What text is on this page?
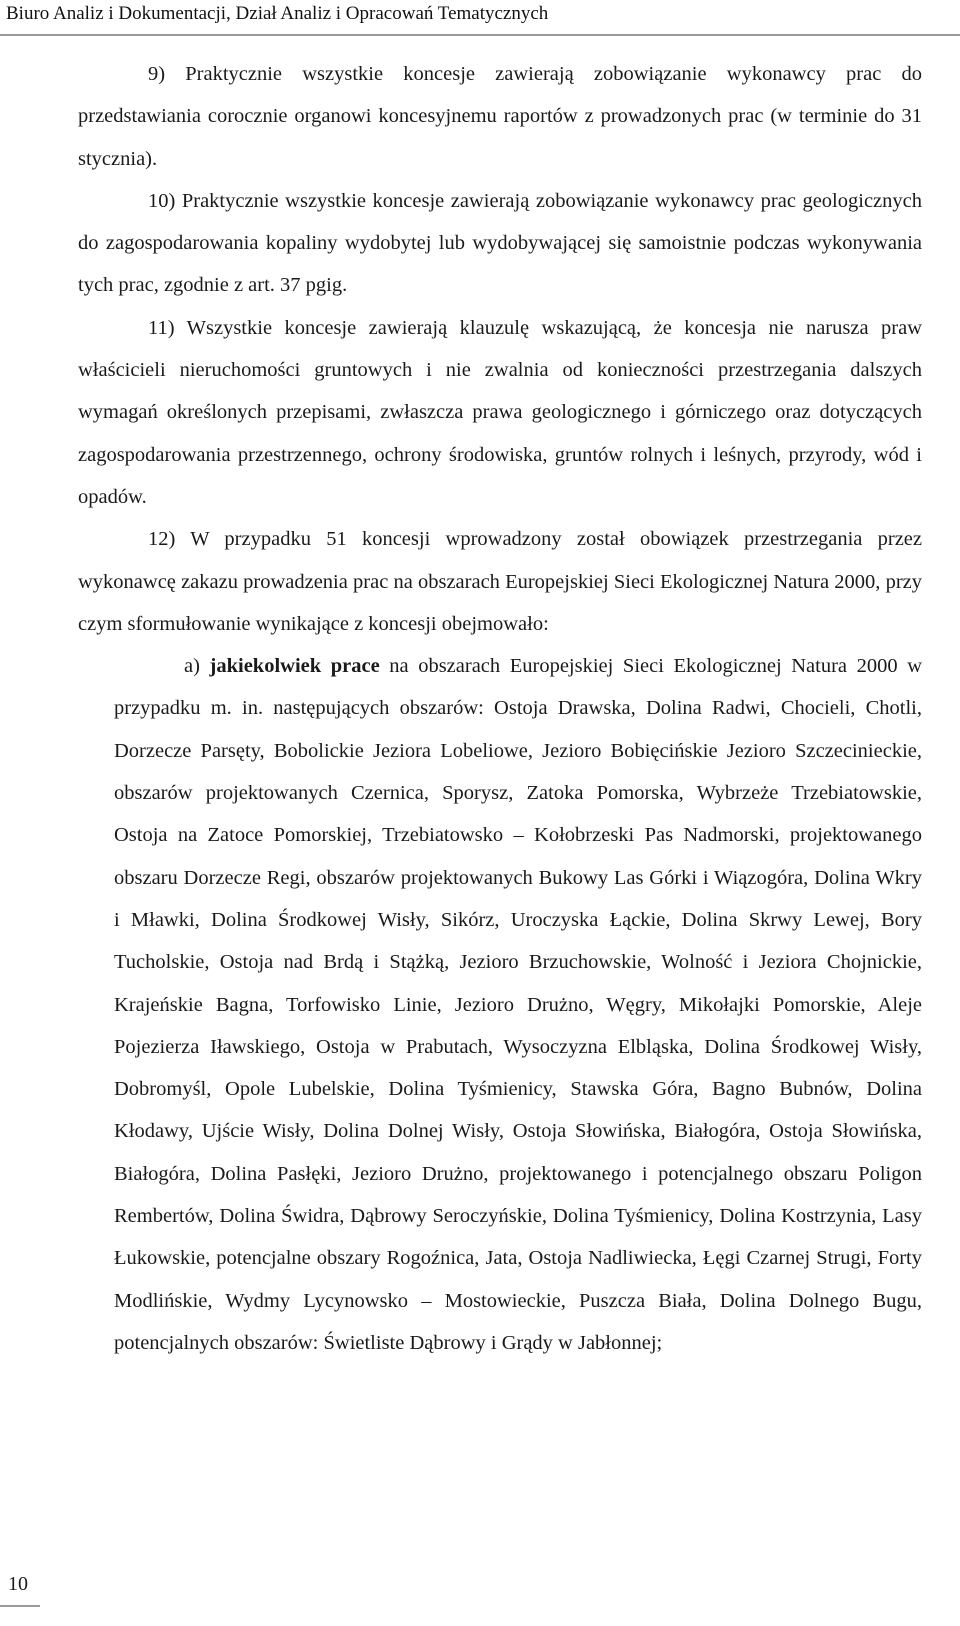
Biuro Analiz i Dokumentacji, Dział Analiz i Opracowań Tematycznych

9) Praktycznie wszystkie koncesje zawierają zobowiązanie wykonawcy prac do przedstawiania corocznie organowi koncesyjnemu raportów z prowadzonych prac (w terminie do 31 stycznia).

10) Praktycznie wszystkie koncesje zawierają zobowiązanie wykonawcy prac geologicznych do zagospodarowania kopaliny wydobytej lub wydobywającej się samoistnie podczas wykonywania tych prac, zgodnie z art. 37 pgig.

11) Wszystkie koncesje zawierają klauzulę wskazującą, że koncesja nie narusza praw właścicieli nieruchomości gruntowych i nie zwalnia od konieczności przestrzegania dalszych wymagań określonych przepisami, zwłaszcza prawa geologicznego i górniczego oraz dotyczących zagospodarowania przestrzennego, ochrony środowiska, gruntów rolnych i leśnych, przyrody, wód i opadów.

12) W przypadku 51 koncesji wprowadzony został obowiązek przestrzegania przez wykonawcę zakazu prowadzenia prac na obszarach Europejskiej Sieci Ekologicznej Natura 2000, przy czym sformułowanie wynikające z koncesji obejmowało:

a) jakiekolwiek prace na obszarach Europejskiej Sieci Ekologicznej Natura 2000 w przypadku m. in. następujących obszarów: Ostoja Drawska, Dolina Radwi, Chocieli, Chotli, Dorzecze Parsęty, Bobolickie Jeziora Lobeliowe, Jezioro Bobięcińskie Jezioro Szczecinieckie, obszarów projektowanych Czernica, Sporysz, Zatoka Pomorska, Wybrzeże Trzebiatowskie, Ostoja na Zatoce Pomorskiej, Trzebiatowsko – Kołobrzeski Pas Nadmorski, projektowanego obszaru Dorzecze Regi, obszarów projektowanych Bukowy Las Górki i Wiązogóra, Dolina Wkry i Mławki, Dolina Środkowej Wisły, Sikórz, Uroczyska Łąckie, Dolina Skrwy Lewej, Bory Tucholskie, Ostoja nad Brdą i Stążką, Jezioro Brzuchowskie, Wolność i Jeziora Chojnickie, Krajeńskie Bagna, Torfowisko Linie, Jezioro Drużno, Węgry, Mikołajki Pomorskie, Aleje Pojezierza Iławskiego, Ostoja w Prabutach, Wysoczyzna Elbląska, Dolina Środkowej Wisły, Dobromyśl, Opole Lubelskie, Dolina Tyśmienicy, Stawska Góra, Bagno Bubnów, Dolina Kłodawy, Ujście Wisły, Dolina Dolnej Wisły, Ostoja Słowińska, Białogóra, Ostoja Słowińska, Białogóra, Dolina Pasłęki, Jezioro Drużno, projektowanego i potencjalnego obszaru Poligon Rembertów, Dolina Świdra, Dąbrowy Seroczyńskie, Dolina Tyśmienicy, Dolina Kostrzynia, Lasy Łukowskie, potencjalne obszary Rogoźnica, Jata, Ostoja Nadliwiecka, Łęgi Czarnej Strugi, Forty Modlińskie, Wydmy Lycynowsko – Mostowieckie, Puszcza Biała, Dolina Dolnego Bugu, potencjalnych obszarów: Świetliste Dąbrowy i Grądy w Jabłonnej;

10
